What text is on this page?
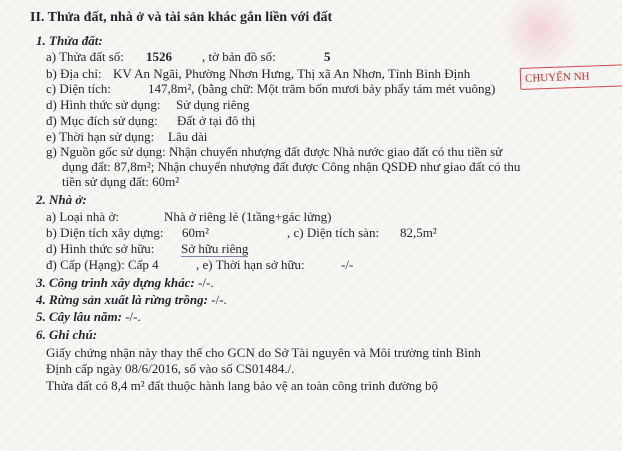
II. Thửa đất, nhà ở và tài sản khác gắn liền với đất
1. Thửa đất:
a) Thửa đất số: 1526 , tờ bản đồ số:	5
b) Địa chỉ: KV An Ngãi, Phường Nhơn Hưng, Thị xã An Nhơn, Tỉnh Bình Định
c) Diện tích:	147,8m², (bằng chữ: Một trăm bốn mươi bảy phẩy tám mét vuông)
d) Hình thức sử dụng: Sử dụng riêng
đ) Mục đích sử dụng: Đất ở tại đô thị
e) Thời hạn sử dụng: Lâu dài
g) Nguồn gốc sử dụng: Nhận chuyển nhượng đất được Nhà nước giao đất có thu tiền sử
dụng đất: 87,8m²; Nhận chuyển nhượng đất được Công nhận QSDĐ như giao đất có thu
tiền sử dụng đất: 60m²
2. Nhà ở:
a) Loại nhà ở:	Nhà ở riêng lẻ (1tầng+gác lửng)
b) Diện tích xây dựng: 60m²	, c) Diện tích sàn: 82,5m²
d) Hình thức sở hữu: Sở hữu riêng
đ) Cấp (Hạng): Cấp 4	, e) Thời hạn sở hữu:	-/-
3. Công trình xây dựng khác: -/-.
4. Rừng sản xuất là rừng trồng: -/-.
5. Cây lâu năm: -/-.
6. Ghi chú:
Giấy chứng nhận này thay thế cho GCN do Sở Tài nguyên và Môi trường tỉnh Bình
Định cấp ngày 08/6/2016, số vào số CS01484./.
Thửa đất có 8,4 m² đất thuộc hành lang bảo vệ an toàn công trình đường bộ
CHUYỂN NH
